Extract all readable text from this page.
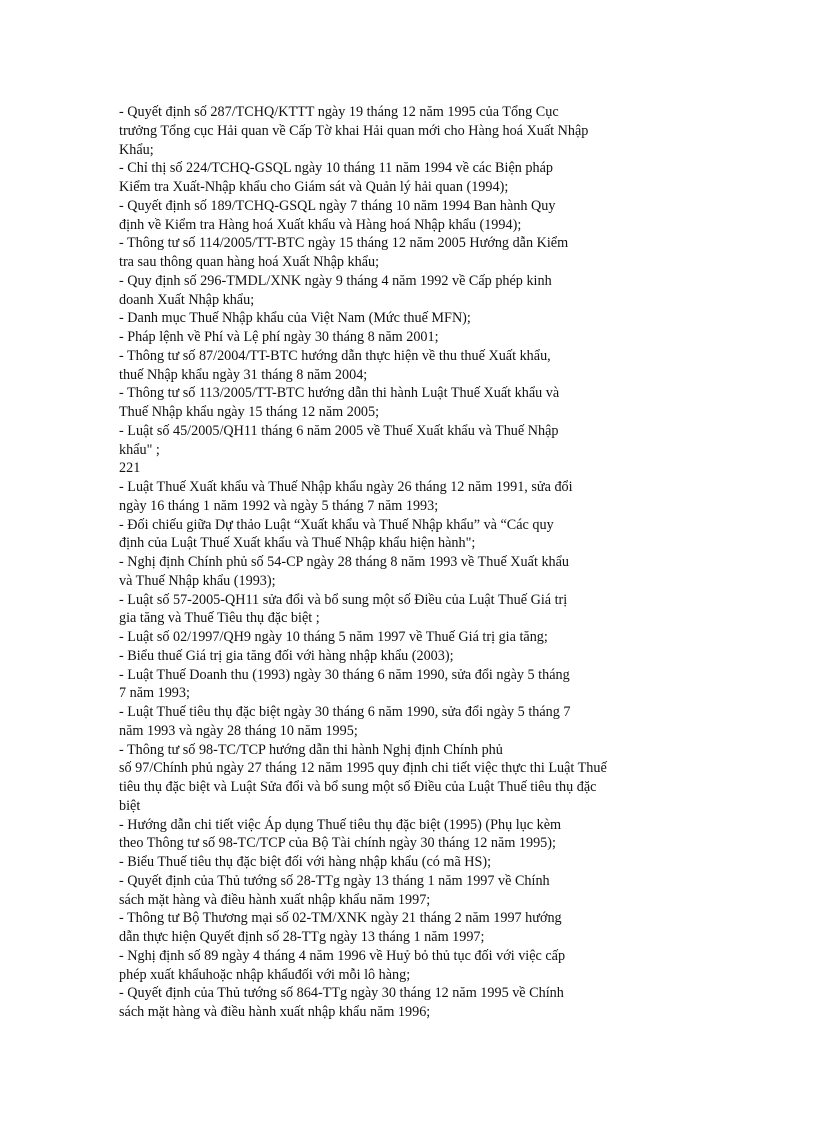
- Quyết định số 287/TCHQ/KTTT ngày 19 tháng 12 năm 1995 của Tổng Cục
trưởng Tổng cục Hải quan về Cấp Tờ khai Hải quan mới cho Hàng hoá Xuất Nhập
Khẩu;
- Chỉ thị số 224/TCHQ-GSQL ngày 10 tháng 11 năm 1994 về các Biện pháp
Kiểm tra Xuất-Nhập khẩu cho Giám sát và Quản lý hải quan (1994);
- Quyết định số 189/TCHQ-GSQL ngày 7 tháng 10 năm 1994 Ban hành Quy
định về Kiểm tra Hàng hoá Xuất khẩu và Hàng hoá Nhập khẩu (1994);
- Thông tư số 114/2005/TT-BTC ngày 15 tháng 12 năm 2005 Hướng dẫn Kiểm
tra sau thông quan hàng hoá Xuất Nhập khẩu;
- Quy định số 296-TMDL/XNK ngày 9 tháng 4 năm 1992 về Cấp phép kinh
doanh Xuất Nhập khẩu;
- Danh mục Thuế Nhập khẩu của Việt Nam (Mức thuế MFN);
- Pháp lệnh về Phí và Lệ phí ngày 30 tháng 8 năm 2001;
- Thông tư số 87/2004/TT-BTC hướng dẫn thực hiện về thu thuế Xuất khẩu,
thuế Nhập khẩu ngày 31 tháng 8 năm 2004;
- Thông tư số 113/2005/TT-BTC hướng dẫn thi hành Luật Thuế Xuất khẩu và
Thuế Nhập khẩu ngày 15 tháng 12 năm 2005;
- Luật số 45/2005/QH11 tháng 6 năm 2005 về Thuế Xuất khẩu và Thuế Nhập
khẩu" ;
221
- Luật Thuế Xuất khẩu và Thuế Nhập khẩu ngày 26 tháng 12 năm 1991, sửa đổi
ngày 16 tháng 1 năm 1992 và ngày 5 tháng 7 năm 1993;
- Đối chiếu giữa Dự thảo Luật “Xuất khẩu và Thuế Nhập khẩu” và “Các quy
định của Luật Thuế Xuất khẩu và Thuế Nhập khẩu hiện hành";
- Nghị định Chính phủ số 54-CP ngày 28 tháng 8 năm 1993 về Thuế Xuất khẩu
và Thuế Nhập khẩu (1993);
- Luật số 57-2005-QH11 sửa đổi và bổ sung một số Điều của Luật Thuế Giá trị
gia tăng và Thuế Tiêu thụ đặc biệt ;
- Luật số 02/1997/QH9 ngày 10 tháng 5 năm 1997 về Thuế Giá trị gia tăng;
- Biểu thuế Giá trị gia tăng đối với hàng nhập khẩu (2003);
- Luật Thuế Doanh thu (1993) ngày 30 tháng 6 năm 1990, sửa đổi ngày 5 tháng
7 năm 1993;
- Luật Thuế tiêu thụ đặc biệt ngày 30 tháng 6 năm 1990, sửa đổi ngày 5 tháng 7
năm 1993 và ngày 28 tháng 10 năm 1995;
- Thông tư số 98-TC/TCP hướng dẫn thi hành Nghị định Chính phủ
số 97/Chính phủ ngày 27 tháng 12 năm 1995 quy định chi tiết việc thực thi Luật Thuế
tiêu thụ đặc biệt và Luật Sửa đổi và bổ sung một số Điều của Luật Thuế tiêu thụ đặc
biệt
- Hướng dẫn chi tiết việc Áp dụng Thuế tiêu thụ đặc biệt (1995) (Phụ lục kèm
theo Thông tư số 98-TC/TCP của Bộ Tài chính ngày 30 tháng 12 năm 1995);
- Biểu Thuế tiêu thụ đặc biệt đối với hàng nhập khẩu (có mã HS);
- Quyết định của Thủ tướng số 28-TTg ngày 13 tháng 1 năm 1997 về Chính
sách mặt hàng và điều hành xuất nhập khẩu năm 1997;
- Thông tư Bộ Thương mại số 02-TM/XNK ngày 21 tháng 2 năm 1997 hướng
dẫn thực hiện Quyết định số 28-TTg ngày 13 tháng 1 năm 1997;
- Nghị định số 89 ngày 4 tháng 4 năm 1996 về Huỷ bỏ thủ tục đối với việc cấp
phép xuất khẩuhoặc nhập khẩuđối với mỗi lô hàng;
- Quyết định của Thủ tướng số 864-TTg ngày 30 tháng 12 năm 1995 về Chính
sách mặt hàng và điều hành xuất nhập khẩu năm 1996;
